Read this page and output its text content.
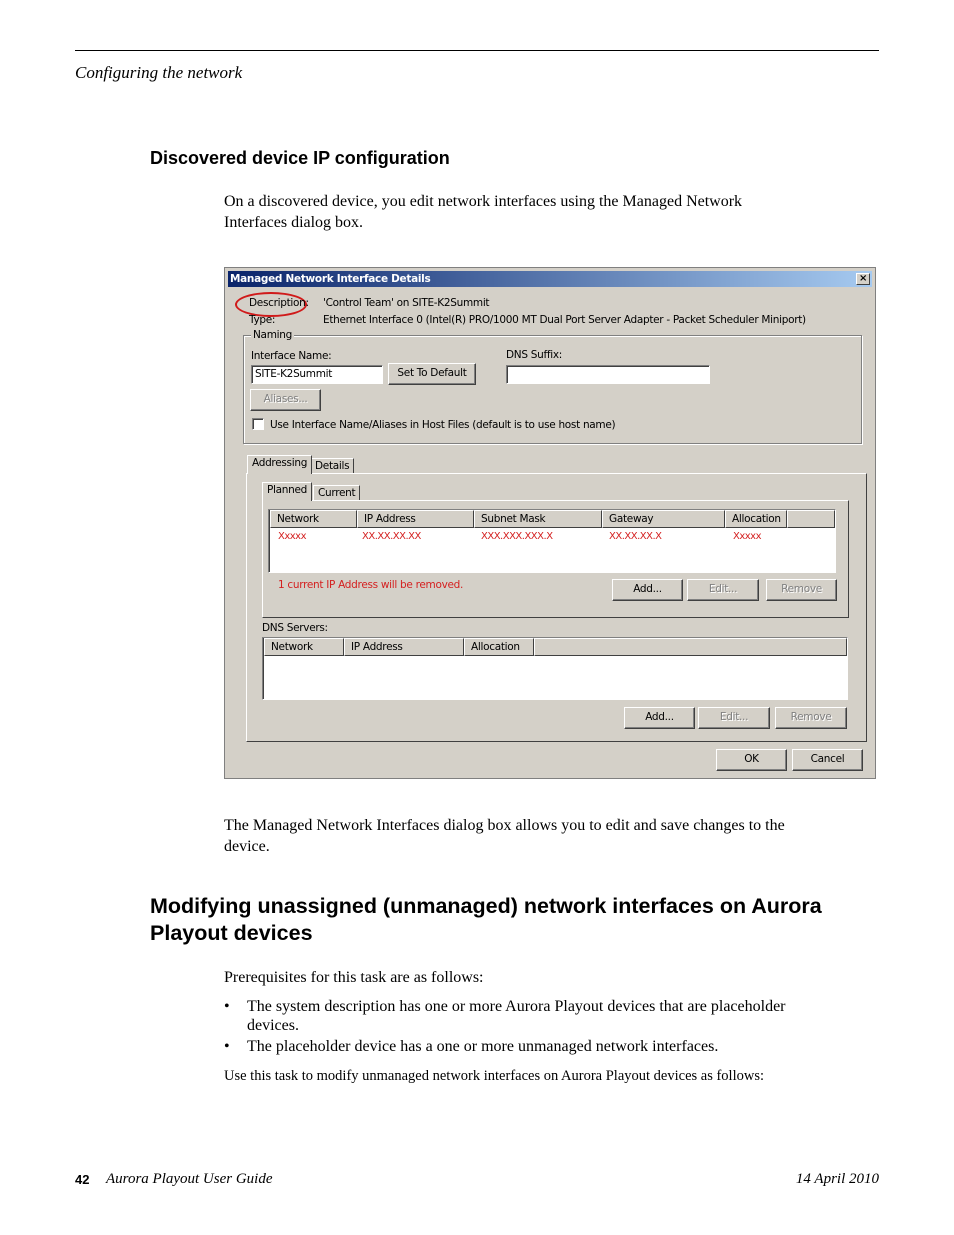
Configuring the network
Discovered device IP configuration
On a discovered device, you edit network interfaces using the Managed Network Interfaces dialog box.
Managed Network Interface Details	×
Description: 'Control Team' on SITE-K2Summit
Type:	Ethernet Interface 0 (Intel(R) PRO/1000 MT Dual Port Server Adapter - Packet Scheduler Miniport)
Naming
Interface Name:
SITE-K2Summit	Set To Default
DNS Suffix:
Aliases...
Use Interface Name/Aliases in Host Files (default is to use host name)
Addressing Details
Planned	Current
Network	IP Address	Subnet Mask	Gateway	Allocation
Xxxxx	XX.XX.XX.XX	XXX.XXX.XXX.X	XX.XX.XX.X	Xxxxx
1 current IP Address will be removed.	Add...	Edit...	Remove
DNS Servers:
Network	IP Address	Allocation
Add...	Edit...	Remove
OK	Cancel
The Managed Network Interfaces dialog box allows you to edit and save changes to the device.
Modifying unassigned (unmanaged) network interfaces on Aurora Playout devices
Prerequisites for this task are as follows:
• The system description has one or more Aurora Playout devices that are placeholder devices.
• The placeholder device has a one or more unmanaged network interfaces.
Use this task to modify unmanaged network interfaces on Aurora Playout devices as follows:
42 Aurora Playout User Guide	14 April 2010
